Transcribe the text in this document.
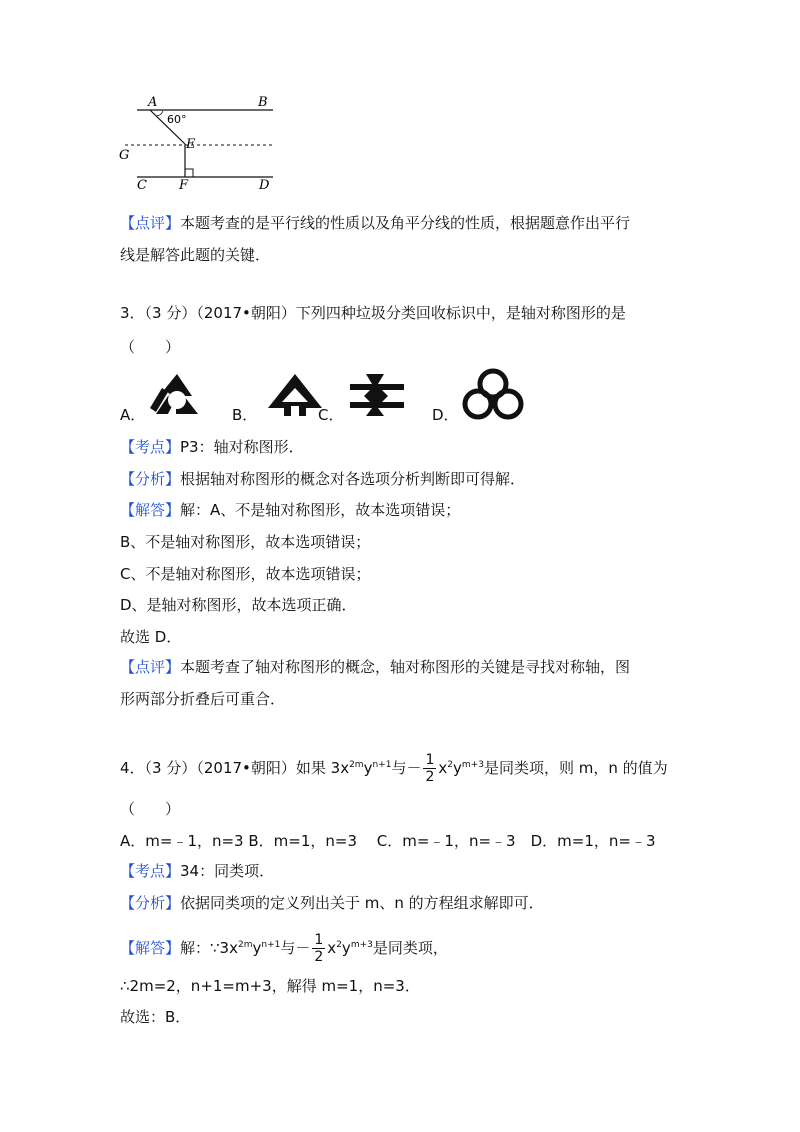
A	B
G
E
C F	D
60°
【点评】本题考查的是平行线的性质以及角平分线的性质，根据题意作出平行
线是解答此题的关键．
3．（3 分）（2017•朝阳）下列四种垃圾分类回收标识中，是轴对称图形的是
（　　）
A．	B．	C．	D．
【考点】P3：轴对称图形．
【分析】根据轴对称图形的概念对各选项分析判断即可得解．
【解答】解：A、不是轴对称图形，故本选项错误；
B、不是轴对称图形，故本选项错误；
C、不是轴对称图形，故本选项错误；
D、是轴对称图形，故本选项正确．
故选 D．
【点评】本题考查了轴对称图形的概念，轴对称图形的关键是寻找对称轴，图
形两部分折叠后可重合．
4．（3 分）（2017•朝阳）如果 $3x^{2m}y^{n+1}$与－ $\frac{1}{2} x^2y^{m+3}$是同类项，则 m，n 的值为
（　　）
A．m=﹣1，n=3 B．m=1，n=3　 C．m=﹣1，n=﹣3　D．m=1，n=﹣3
【考点】34：同类项．
【分析】依据同类项的定义列出关于 m、n 的方程组求解即可．
【解答】解：$\because 3x^{2m}y^{n+1}$与－ $\frac{1}{2} x^2y^{m+3}$是同类项，
∴2m=2，n+1=m+3，解得 m=1，n=3．
故选：B．
